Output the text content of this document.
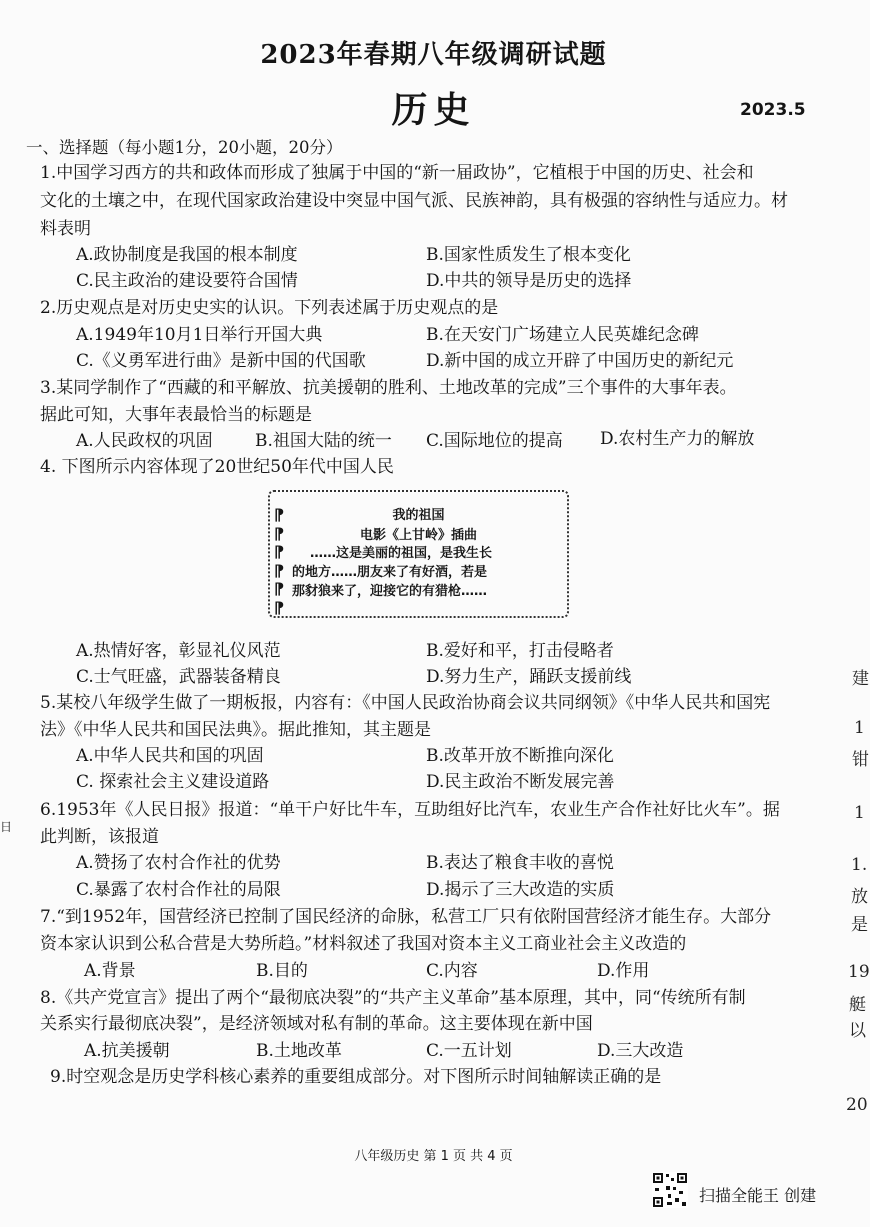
2023年春期八年级调研试题
历史	2023.5
一、选择题（每小题1分，20小题，20分）
1.中国学习西方的共和政体而形成了独属于中国的“新一届政协”，它植根于中国的历史、社会和
文化的土壤之中，在现代国家政治建设中突显中国气派、民族神韵，具有极强的容纳性与适应力。材
料表明
A.政协制度是我国的根本制度	B.国家性质发生了根本变化
C.民主政治的建设要符合国情	D.中共的领导是历史的选择
2.历史观点是对历史史实的认识。下列表述属于历史观点的是
A.1949年10月1日举行开国大典	B.在天安门广场建立人民英雄纪念碑
C.《义勇军进行曲》是新中国的代国歌	D.新中国的成立开辟了中国历史的新纪元
3.某同学制作了“西藏的和平解放、抗美援朝的胜利、土地改革的完成”三个事件的大事年表。
据此可知，大事年表最恰当的标题是
A.人民政权的巩固 B.祖国大陆的统一 C.国际地位的提高 D.农村生产力的解放
4. 下图所示内容体现了20世纪50年代中国人民
⁋
⁋
⁋
⁋
⁋
⁋
我的祖国
电影《上甘岭》插曲
……这是美丽的祖国，是我生长
的地方……朋友来了有好酒，若是
那豺狼来了，迎接它的有猎枪……
A.热情好客，彰显礼仪风范	B.爱好和平，打击侵略者
C.士气旺盛，武器装备精良	D.努力生产，踊跃支援前线
5.某校八年级学生做了一期板报，内容有：《中国人民政治协商会议共同纲领》《中华人民共和国宪
法》《中华人民共和国民法典》。据此推知，其主题是
A.中华人民共和国的巩固	B.改革开放不断推向深化
C. 探索社会主义建设道路	D.民主政治不断发展完善
6.1953年《人民日报》报道：“单干户好比牛车，互助组好比汽车，农业生产合作社好比火车”。据
此判断，该报道
A.赞扬了农村合作社的优势	B.表达了粮食丰收的喜悦
C.暴露了农村合作社的局限	D.揭示了三大改造的实质
7.“到1952年，国营经济已控制了国民经济的命脉，私营工厂只有依附国营经济才能生存。大部分
资本家认识到公私合营是大势所趋。”材料叙述了我国对资本主义工商业社会主义改造的
A.背景	B.目的	C.内容	D.作用
8.《共产党宣言》提出了两个“最彻底决裂”的“共产主义革命”基本原理，其中，同“传统所有制
关系实行最彻底决裂”，是经济领域对私有制的革命。这主要体现在新中国
A.抗美援朝	B.土地改革	C.一五计划	D.三大改造
9.时空观念是历史学科核心素养的重要组成部分。对下图所示时间轴解读正确的是
八年级历史 第 1 页 共 4 页
扫描全能王 创建
建
1
钳
1
1.
放
是
19
艇
以
20
日
